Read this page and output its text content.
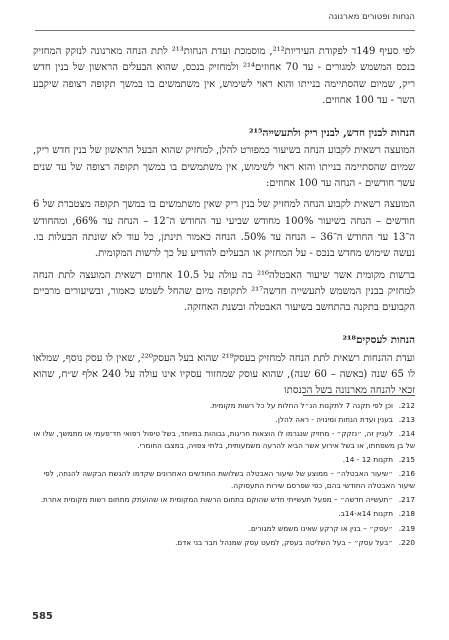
הנחות ופטורים מארנונה

לפי סעיף 149ד לפקודת העיריות²¹², מוסמכת ועדת הנחות²¹³ לתת הנחה מארנונה לנזקק המחזיק בנכס המשמש למגורים - עד 70 אחוזים²¹⁴ ולמחזיק בנכס, שהוא הבעלים הראשון של בנין חדש ריק, שמיום שהסתיימה בנייתו והוא ראוי לשימוש, אין משתמשים בו במשך תקופה רצופה שיקבע השר - עד 100 אחוזים.

הנחות לבנין חדש, לבנין ריק ולתעשייה²¹⁵

המועצה רשאית לקבוע הנחה בשיעור כמפורט להלן, למחזיק שהוא הבעל הראשון של בנין חדש ריק, שמיום שהסתיימה בנייתו והוא ראוי לשימוש, אין משתמשים בו במשך תקופה רצופה של עד שנים עשר חודשים - הנחה עד 100 אחוזים:

המועצה רשאית לקבוע הנחה למחזיק של בנין ריק שאין משתמשים בו במשך תקופה מצטברת של 6 חודשים – הנחה בשיעור 100% מחודש שביעי עד החודש ה־12 – הנחה עד 66%, ומהחודש ה־13 עד החודש ה־36 – הנחה עד 50%. הנחה כאמור תינתן, כל עוד לא שונתה הבעלות בו. נעשה שימוש מחדש בנכס - על המחזיק או הבעלים להודיע על כך לרשות המקומית.

ברשות מקומית אשר שיעור האבטלה²¹⁶ בה עולה על 10.5 אחוזים רשאית המועצה לתת הנחה למחזיק בבנין המשמש לתעשייה חדשה²¹⁷ לתקופה מיום שהחל לשמש כאמור, ובשיעורים מרביים הקבועים בתקנה בהתחשב בשיעור האבטלה ובשנת האחזקה.

הנחות לעסקים²¹⁸

ועדת ההנחות רשאית לתת הנחה למחזיק בעסק²¹⁹ שהוא בעל העסק²²⁰, שאין לו עסק נוסף, שמלאו לו 65 שנה (באשה – 60 שנה), שהוא עוסק שמחזור עסקיו אינו עולה על 240 אלף ש״ח, שהוא זכאי להנחה מארנונה בשל הכנסתו

212.וכן לפי תקנה 7 לתקנות הנ״ל החלות על כל רשות מקומית.
213.בענין ועדת הנחות ומינויה - ראה להלן.
214.לעניין זה, ״נזקק״ - מחזיק שנגרמו לו הוצאות חריגות, גבוהות במיוחד, בשל טיפול רפואי חד־פעמי או מתמשך, שלו או של בן משפחתו, או בשל אירוע אשר הביא להרעה משמעותית, בלתי צפויה, במצבו החומרי.
215.תקנות 12 - 14.
216.״שיעור האבטלה״ – ממוצע של שיעור האבטלה בשלושת החודשים האחרונים שקדמו להגשת הבקשה להנחה, לפי שיעור האבטלה החודשי בהם, כפי שפרסם שירות התעסוקה.
217.״תעשייה חדשה״ – מפעל תעשייתי חדש שהוקם בתחום הרשות המקומית או שהועתק מתחום רשות מקומית אחרת.
218.תקנות 14א-14ב.
219.״עסק״ – בנין או קרקע שאינו משמש למגורים.
220.״בעל עסק״ – בעל השליטה בעסק, למעט עסק שמנהל חבר בני אדם.
585
